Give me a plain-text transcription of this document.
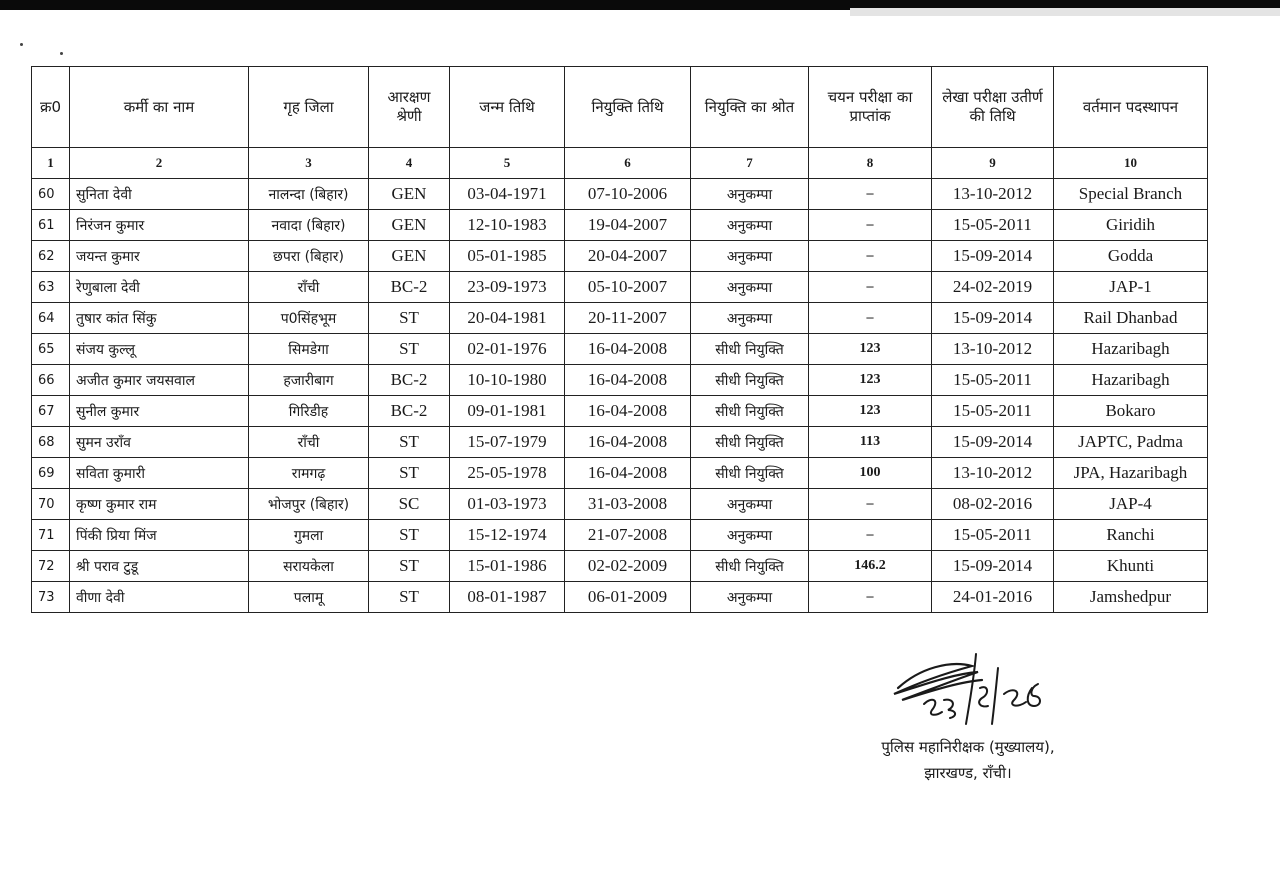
क्र0	कर्मी का नाम	गृह जिला	आरक्षण श्रेणी	जन्म तिथि	नियुक्ति तिथि	नियुक्ति का श्रोत	चयन परीक्षा का प्राप्तांक	लेखा परीक्षा उतीर्ण की तिथि	वर्तमान पदस्थापन
1	2	3	4	5	6	7	8	9	10
60	सुनिता देवी	नालन्दा (बिहार)	GEN	03-04-1971	07-10-2006	अनुकम्पा	–	13-10-2012	Special Branch
61	निरंजन कुमार	नवादा (बिहार)	GEN	12-10-1983	19-04-2007	अनुकम्पा	–	15-05-2011	Giridih
62	जयन्त कुमार	छपरा (बिहार)	GEN	05-01-1985	20-04-2007	अनुकम्पा	–	15-09-2014	Godda
63	रेणुबाला देवी	राँची	BC-2	23-09-1973	05-10-2007	अनुकम्पा	–	24-02-2019	JAP-1
64	तुषार कांत सिंकु	प0सिंहभूम	ST	20-04-1981	20-11-2007	अनुकम्पा	–	15-09-2014	Rail Dhanbad
65	संजय कुल्लू	सिमडेगा	ST	02-01-1976	16-04-2008	सीधी नियुक्ति	123	13-10-2012	Hazaribagh
66	अजीत कुमार जयसवाल	हजारीबाग	BC-2	10-10-1980	16-04-2008	सीधी नियुक्ति	123	15-05-2011	Hazaribagh
67	सुनील कुमार	गिरिडीह	BC-2	09-01-1981	16-04-2008	सीधी नियुक्ति	123	15-05-2011	Bokaro
68	सुमन उराँव	राँची	ST	15-07-1979	16-04-2008	सीधी नियुक्ति	113	15-09-2014	JAPTC, Padma
69	सविता कुमारी	रामगढ़	ST	25-05-1978	16-04-2008	सीधी नियुक्ति	100	13-10-2012	JPA, Hazaribagh
70	कृष्ण कुमार राम	भोजपुर (बिहार)	SC	01-03-1973	31-03-2008	अनुकम्पा	–	08-02-2016	JAP-4
71	पिंकी प्रिया मिंज	गुमला	ST	15-12-1974	21-07-2008	अनुकम्पा	–	15-05-2011	Ranchi
72	श्री पराव टुडू	सरायकेला	ST	15-01-1986	02-02-2009	सीधी नियुक्ति	146.2	15-09-2014	Khunti
73	वीणा देवी	पलामू	ST	08-01-1987	06-01-2009	अनुकम्पा	–	24-01-2016	Jamshedpur
पुलिस महानिरीक्षक (मुख्यालय),
झारखण्ड, राँची।
